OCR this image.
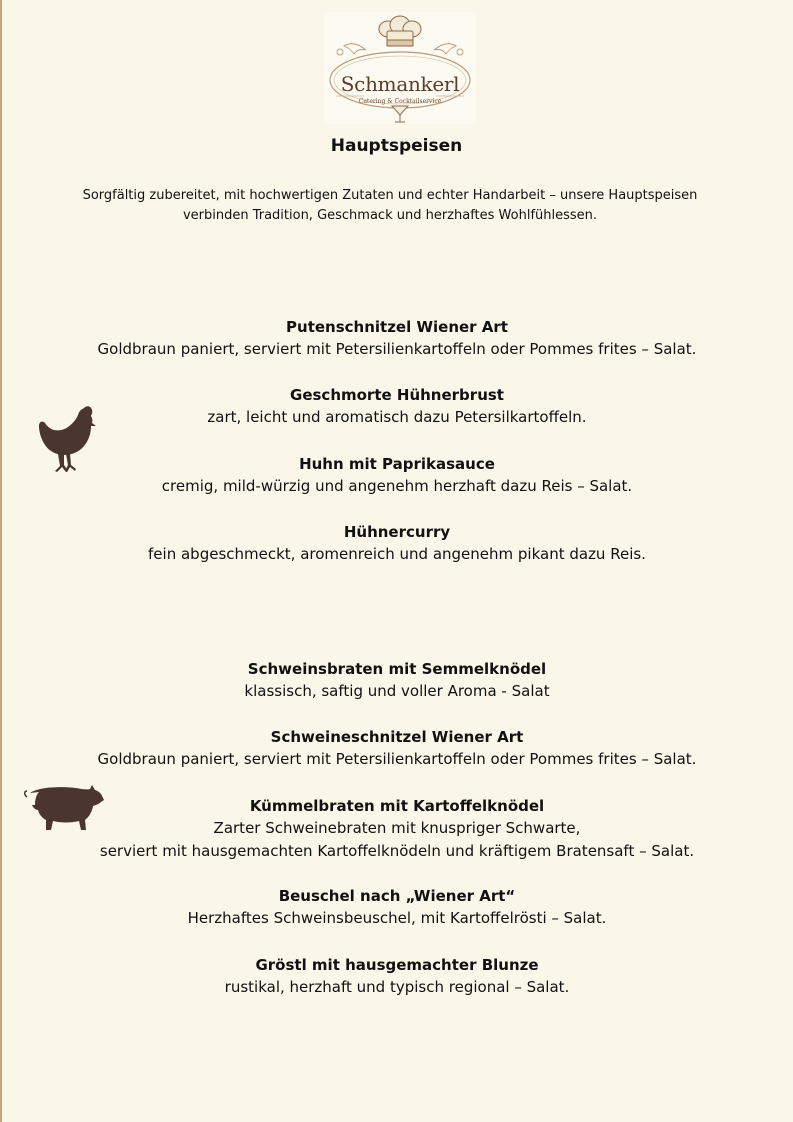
Schmankerl
Catering & Cocktailservice
Hauptspeisen

Sorgfältig zubereitet, mit hochwertigen Zutaten und echter Handarbeit – unsere Hauptspeisen verbinden Tradition, Geschmack und herzhaftes Wohlfühlessen.

Putenschnitzel Wiener Art
Goldbraun paniert, serviert mit Petersilienkartoffeln oder Pommes frites – Salat.
Geschmorte Hühnerbrust
zart, leicht und aromatisch dazu Petersilkartoffeln.
Huhn mit Paprikasauce
cremig, mild-würzig und angenehm herzhaft dazu Reis – Salat.
Hühnercurry
fein abgeschmeckt, aromenreich und angenehm pikant dazu Reis.
Schweinsbraten mit Semmelknödel
klassisch, saftig und voller Aroma - Salat
Schweineschnitzel Wiener Art
Goldbraun paniert, serviert mit Petersilienkartoffeln oder Pommes frites – Salat.
Kümmelbraten mit Kartoffelknödel
Zarter Schweinebraten mit knuspriger Schwarte,
serviert mit hausgemachten Kartoffelknödeln und kräftigem Bratensaft – Salat.
Beuschel nach „Wiener Art“
Herzhaftes Schweinsbeuschel, mit Kartoffelrösti – Salat.
Gröstl mit hausgemachter Blunze
rustikal, herzhaft und typisch regional – Salat.
